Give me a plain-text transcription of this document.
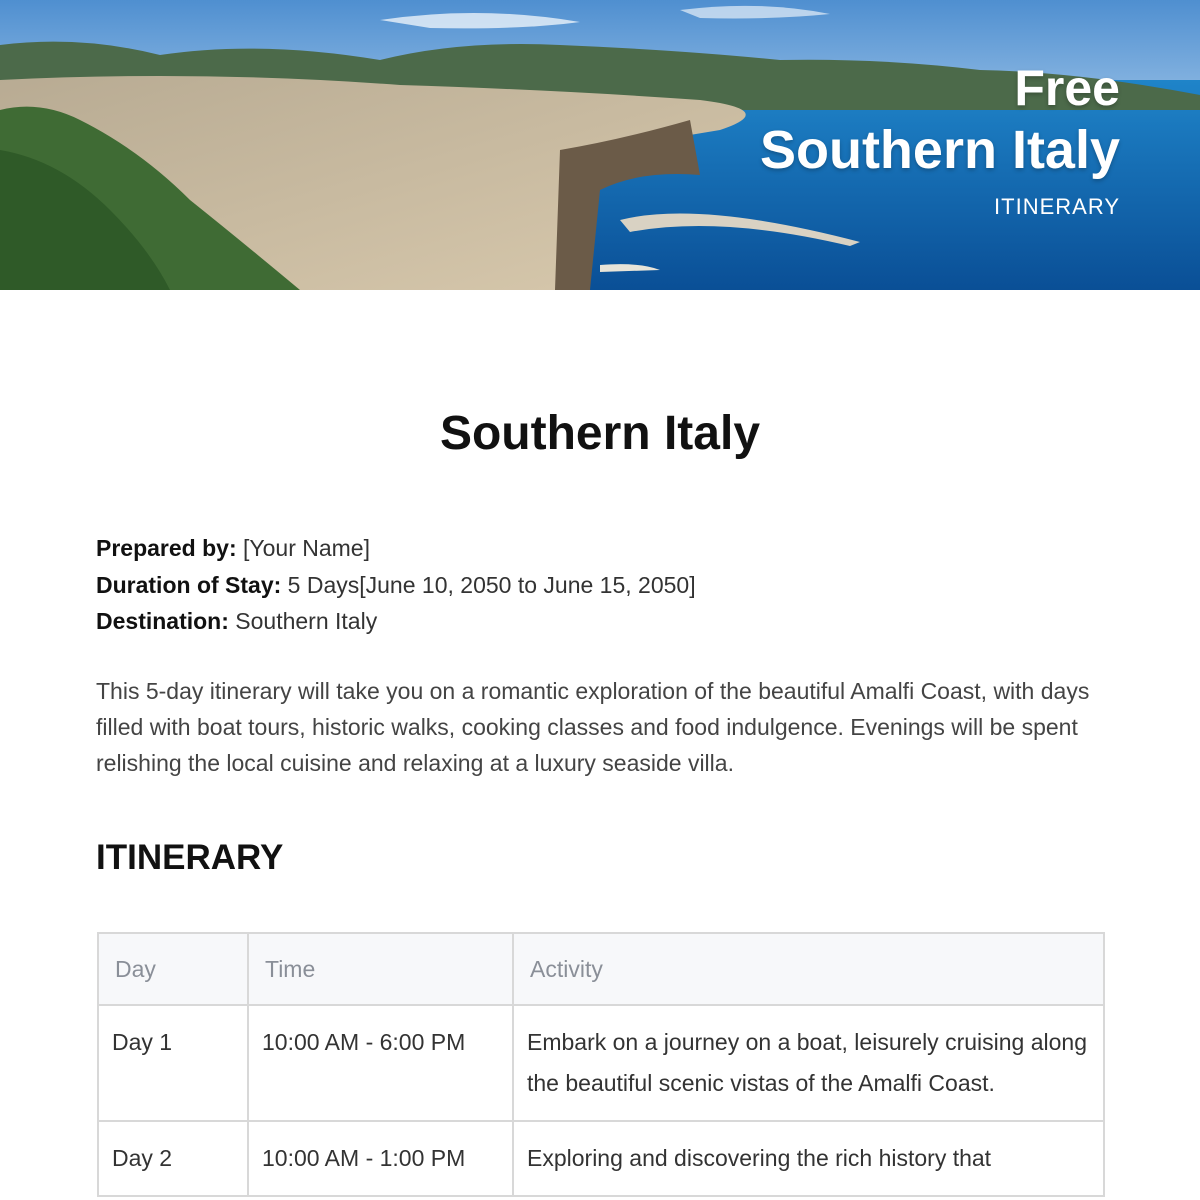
Free
Southern Italy
ITINERARY
Southern Italy
Prepared by: [Your Name]
Duration of Stay: 5 Days[June 10, 2050 to June 15, 2050]
Destination: Southern Italy

This 5-day itinerary will take you on a romantic exploration of the beautiful Amalfi Coast, with days filled with boat tours, historic walks, cooking classes and food indulgence. Evenings will be spent relishing the local cuisine and relaxing at a luxury seaside villa.

ITINERARY
Day	Time	Activity
Day 1	10:00 AM - 6:00 PM	Embark on a journey on a boat, leisurely cruising along the beautiful scenic vistas of the Amalfi Coast.
Day 2	10:00 AM - 1:00 PM	Exploring and discovering the rich history that
